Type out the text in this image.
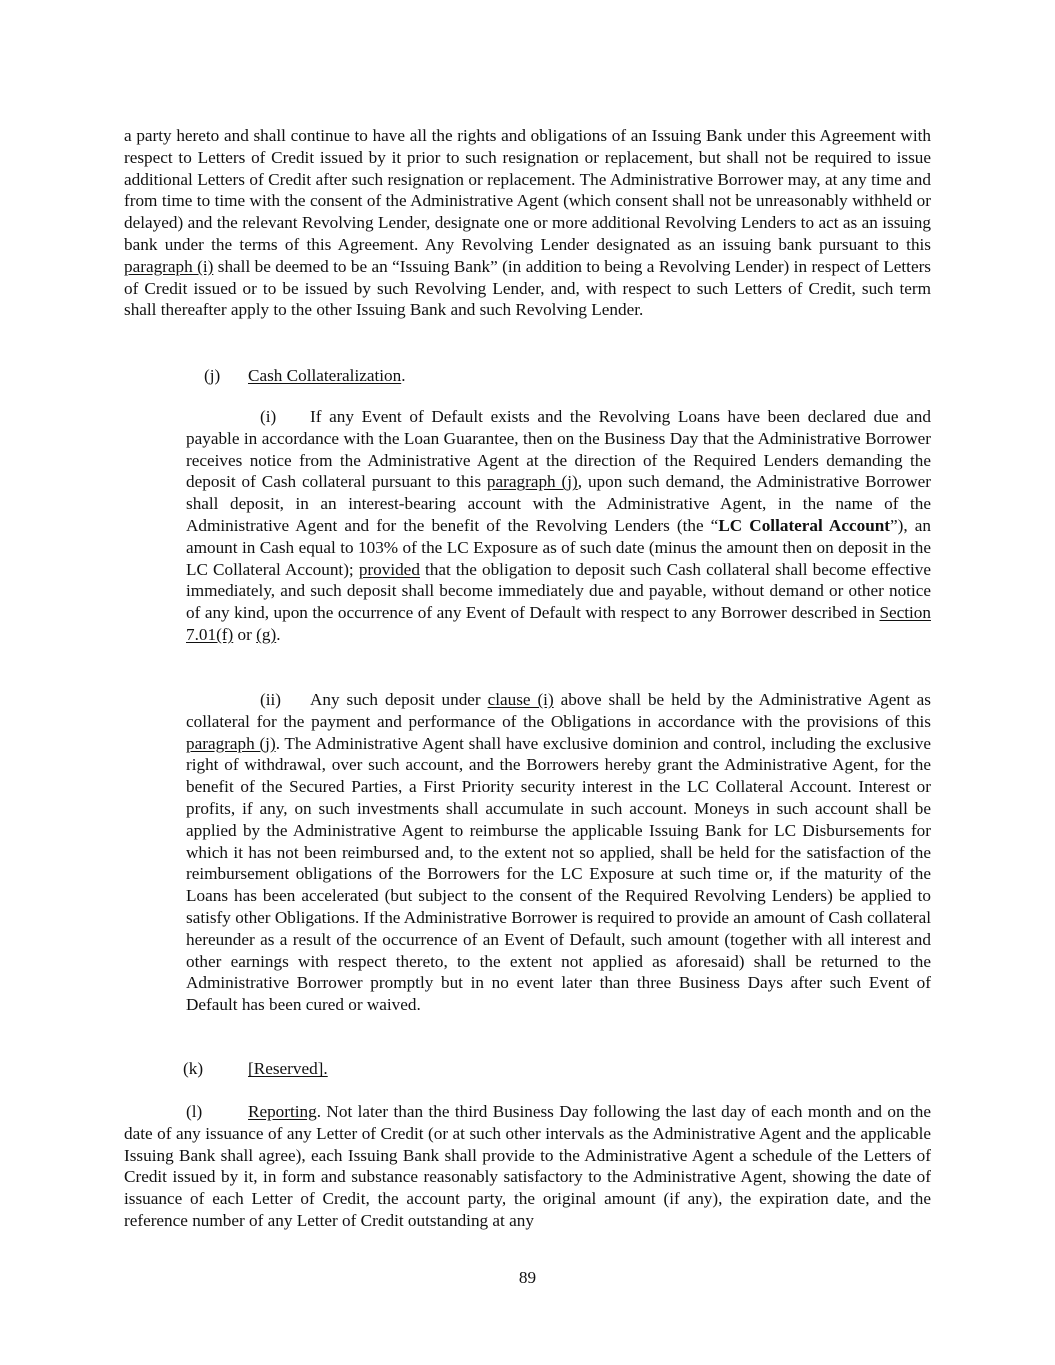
a party hereto and shall continue to have all the rights and obligations of an Issuing Bank under this Agreement with respect to Letters of Credit issued by it prior to such resignation or replacement, but shall not be required to issue additional Letters of Credit after such resignation or replacement. The Administrative Borrower may, at any time and from time to time with the consent of the Administrative Agent (which consent shall not be unreasonably withheld or delayed) and the relevant Revolving Lender, designate one or more additional Revolving Lenders to act as an issuing bank under the terms of this Agreement. Any Revolving Lender designated as an issuing bank pursuant to this paragraph (i) shall be deemed to be an “Issuing Bank” (in addition to being a Revolving Lender) in respect of Letters of Credit issued or to be issued by such Revolving Lender, and, with respect to such Letters of Credit, such term shall thereafter apply to the other Issuing Bank and such Revolving Lender.

(j) Cash Collateralization.

(i) If any Event of Default exists and the Revolving Loans have been declared due and payable in accordance with the Loan Guarantee, then on the Business Day that the Administrative Borrower receives notice from the Administrative Agent at the direction of the Required Lenders demanding the deposit of Cash collateral pursuant to this paragraph (j), upon such demand, the Administrative Borrower shall deposit, in an interest-bearing account with the Administrative Agent, in the name of the Administrative Agent and for the benefit of the Revolving Lenders (the “LC Collateral Account”), an amount in Cash equal to 103% of the LC Exposure as of such date (minus the amount then on deposit in the LC Collateral Account); provided that the obligation to deposit such Cash collateral shall become effective immediately, and such deposit shall become immediately due and payable, without demand or other notice of any kind, upon the occurrence of any Event of Default with respect to any Borrower described in Section 7.01(f) or (g).

(ii) Any such deposit under clause (i) above shall be held by the Administrative Agent as collateral for the payment and performance of the Obligations in accordance with the provisions of this paragraph (j). The Administrative Agent shall have exclusive dominion and control, including the exclusive right of withdrawal, over such account, and the Borrowers hereby grant the Administrative Agent, for the benefit of the Secured Parties, a First Priority security interest in the LC Collateral Account. Interest or profits, if any, on such investments shall accumulate in such account. Moneys in such account shall be applied by the Administrative Agent to reimburse the applicable Issuing Bank for LC Disbursements for which it has not been reimbursed and, to the extent not so applied, shall be held for the satisfaction of the reimbursement obligations of the Borrowers for the LC Exposure at such time or, if the maturity of the Loans has been accelerated (but subject to the consent of the Required Revolving Lenders) be applied to satisfy other Obligations. If the Administrative Borrower is required to provide an amount of Cash collateral hereunder as a result of the occurrence of an Event of Default, such amount (together with all interest and other earnings with respect thereto, to the extent not applied as aforesaid) shall be returned to the Administrative Borrower promptly but in no event later than three Business Days after such Event of Default has been cured or waived.

(k)	[Reserved].

(l)	Reporting. Not later than the third Business Day following the last day of each month and on the date of any issuance of any Letter of Credit (or at such other intervals as the Administrative Agent and the applicable Issuing Bank shall agree), each Issuing Bank shall provide to the Administrative Agent a schedule of the Letters of Credit issued by it, in form and substance reasonably satisfactory to the Administrative Agent, showing the date of issuance of each Letter of Credit, the account party, the original amount (if any), the expiration date, and the reference number of any Letter of Credit outstanding at any

89
